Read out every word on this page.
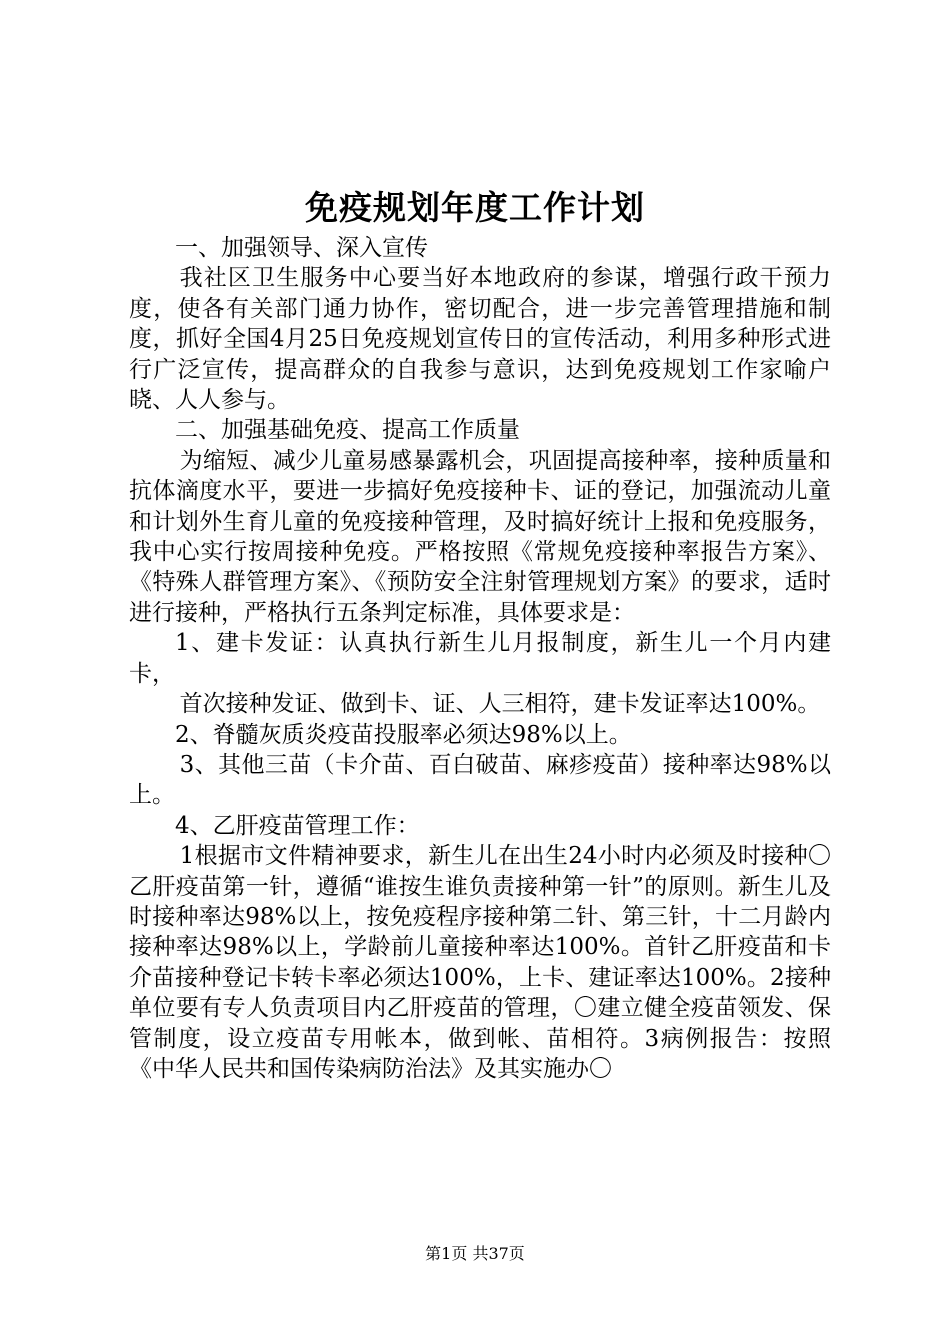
免疫规划年度工作计划

一、加强领导、深入宣传

我社区卫生服务中心要当好本地政府的参谋，增强行政干预力度，使各有关部门通力协作，密切配合，进一步完善管理措施和制度，抓好全国4月25日免疫规划宣传日的宣传活动，利用多种形式进行广泛宣传，提高群众的自我参与意识，达到免疫规划工作家喻户晓、人人参与。

二、加强基础免疫、提高工作质量

为缩短、减少儿童易感暴露机会，巩固提高接种率，接种质量和抗体滴度水平，要进一步搞好免疫接种卡、证的登记，加强流动儿童和计划外生育儿童的免疫接种管理，及时搞好统计上报和免疫服务，我中心实行按周接种免疫。严格按照《常规免疫接种率报告方案》、《特殊人群管理方案》、《预防安全注射管理规划方案》的要求，适时进行接种，严格执行五条判定标准，具体要求是：

1、建卡发证：认真执行新生儿月报制度，新生儿一个月内建卡，

首次接种发证、做到卡、证、人三相符，建卡发证率达100%。

2、脊髓灰质炎疫苗投服率必须达98%以上。

3、其他三苗（卡介苗、百白破苗、麻疹疫苗）接种率达98%以上。

4、乙肝疫苗管理工作：

1根据市文件精神要求，新生儿在出生24小时内必须及时接种〇乙肝疫苗第一针，遵循“谁按生谁负责接种第一针”的原则。新生儿及时接种率达98%以上，按免疫程序接种第二针、第三针，十二月龄内接种率达98%以上，学龄前儿童接种率达100%。首针乙肝疫苗和卡介苗接种登记卡转卡率必须达100%，上卡、建证率达100%。2接种单位要有专人负责项目内乙肝疫苗的管理，〇建立健全疫苗领发、保管制度，设立疫苗专用帐本，做到帐、苗相符。3病例报告：按照《中华人民共和国传染病防治法》及其实施办〇

第1页 共37页
